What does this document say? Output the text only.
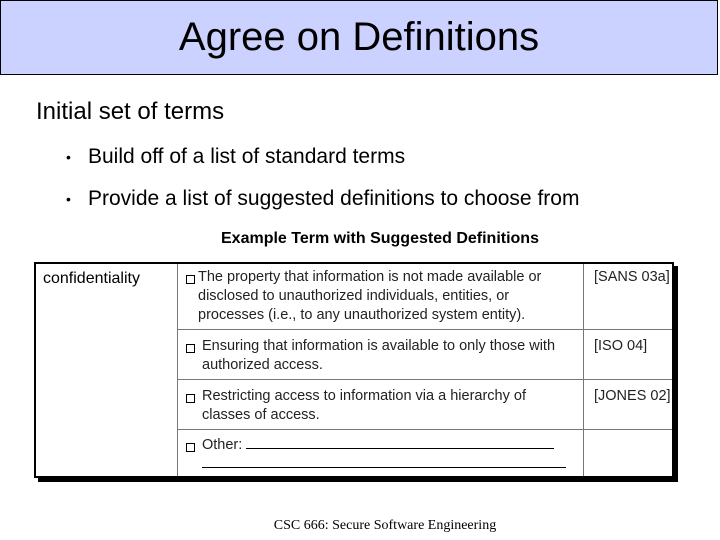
Agree on Definitions
Initial set of terms
• Build off of a list of standard terms
• Provide a list of suggested definitions to choose from
Example Term with Suggested Definitions
confidentiality	The property that information is not made available or disclosed to unauthorized individuals, entities, or processes (i.e., to any unauthorized system entity).
[SANS 03a]
Ensuring that information is available to only those with authorized access.
[ISO 04]
Restricting access to information via a hierarchy of classes of access.
[JONES 02]
Other:

CSC 666: Secure Software Engineering
